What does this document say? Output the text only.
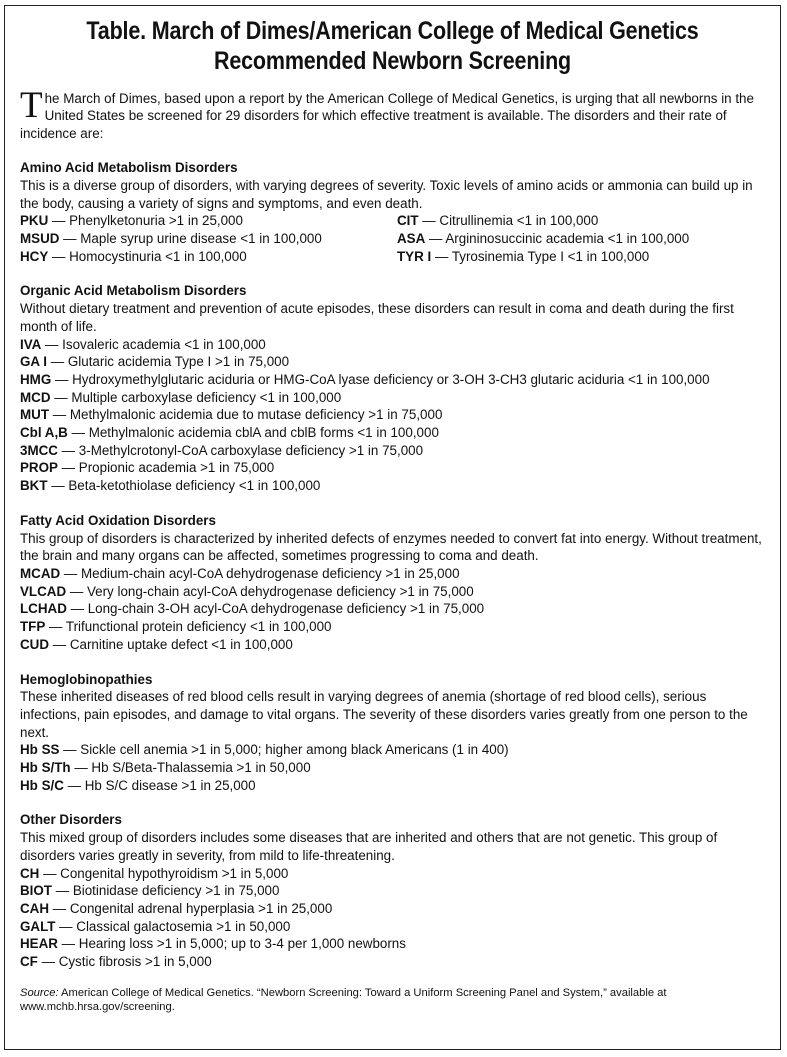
Table. March of Dimes/American College of Medical Genetics
Recommended Newborn Screening
The March of Dimes, based upon a report by the American College of Medical Genetics, is urging that all newborns in the United States be screened for 29 disorders for which effective treatment is available. The disorders and their rate of incidence are:
Amino Acid Metabolism Disorders
This is a diverse group of disorders, with varying degrees of severity. Toxic levels of amino acids or ammonia can build up in the body, causing a variety of signs and symptoms, and even death.
PKU — Phenylketonuria >1 in 25,000	CIT — Citrullinemia <1 in 100,000
MSUD — Maple syrup urine disease <1 in 100,000	ASA — Argininosuccinic academia <1 in 100,000
HCY — Homocystinuria <1 in 100,000	TYR I — Tyrosinemia Type I <1 in 100,000
Organic Acid Metabolism Disorders
Without dietary treatment and prevention of acute episodes, these disorders can result in coma and death during the first month of life.
IVA — Isovaleric academia <1 in 100,000
GA I — Glutaric acidemia Type I >1 in 75,000
HMG — Hydroxymethylglutaric aciduria or HMG-CoA lyase deficiency or 3-OH 3-CH3 glutaric aciduria <1 in 100,000
MCD — Multiple carboxylase deficiency <1 in 100,000
MUT — Methylmalonic acidemia due to mutase deficiency >1 in 75,000
Cbl A,B — Methylmalonic acidemia cblA and cblB forms <1 in 100,000
3MCC — 3-Methylcrotonyl-CoA carboxylase deficiency >1 in 75,000
PROP — Propionic academia >1 in 75,000
BKT — Beta-ketothiolase deficiency <1 in 100,000
Fatty Acid Oxidation Disorders
This group of disorders is characterized by inherited defects of enzymes needed to convert fat into energy. Without treatment, the brain and many organs can be affected, sometimes progressing to coma and death.
MCAD — Medium-chain acyl-CoA dehydrogenase deficiency >1 in 25,000
VLCAD — Very long-chain acyl-CoA dehydrogenase deficiency >1 in 75,000
LCHAD — Long-chain 3-OH acyl-CoA dehydrogenase deficiency >1 in 75,000
TFP — Trifunctional protein deficiency <1 in 100,000
CUD — Carnitine uptake defect <1 in 100,000
Hemoglobinopathies
These inherited diseases of red blood cells result in varying degrees of anemia (shortage of red blood cells), serious infections, pain episodes, and damage to vital organs. The severity of these disorders varies greatly from one person to the next.
Hb SS — Sickle cell anemia >1 in 5,000; higher among black Americans (1 in 400)
Hb S/Th — Hb S/Beta-Thalassemia >1 in 50,000
Hb S/C — Hb S/C disease >1 in 25,000
Other Disorders
This mixed group of disorders includes some diseases that are inherited and others that are not genetic. This group of disorders varies greatly in severity, from mild to life-threatening.
CH — Congenital hypothyroidism >1 in 5,000
BIOT — Biotinidase deficiency >1 in 75,000
CAH — Congenital adrenal hyperplasia >1 in 25,000
GALT — Classical galactosemia >1 in 50,000
HEAR — Hearing loss >1 in 5,000; up to 3-4 per 1,000 newborns
CF — Cystic fibrosis >1 in 5,000
Source: American College of Medical Genetics. “Newborn Screening: Toward a Uniform Screening Panel and System,” available at www.mchb.hrsa.gov/screening.
